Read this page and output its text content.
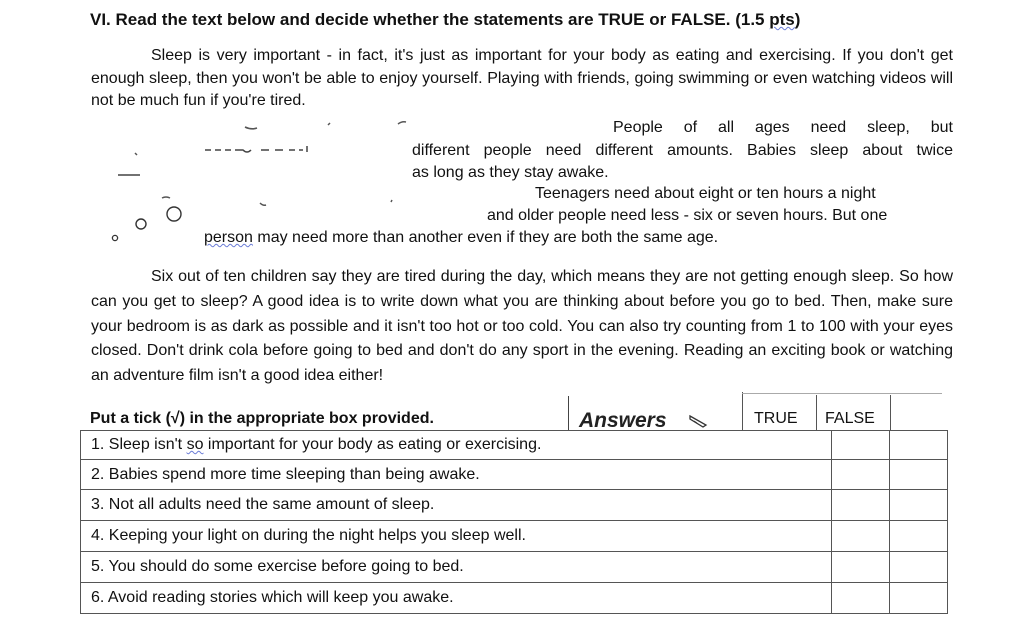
VI. Read the text below and decide whether the statements are TRUE or FALSE. (1.5 pts)
Sleep is very important - in fact, it's just as important for your body as eating and exercising. If you don't get enough sleep, then you won't be able to enjoy yourself. Playing with friends, going swimming or even watching videos will not be much fun if you're tired.
People of all ages need sleep, but
different people need different amounts. Babies sleep about twice
as long as they stay awake.
Teenagers need about eight or ten hours a night
and older people need less - six or seven hours. But one
person may need more than another even if they are both the same age.
Six out of ten children say they are tired during the day, which means they are not getting enough sleep. So how can you get to sleep? A good idea is to write down what you are thinking about before you go to bed. Then, make sure your bedroom is as dark as possible and it isn't too hot or too cold. You can also try counting from 1 to 100 with your eyes closed. Don't drink cola before going to bed and don't do any sport in the evening. Reading an exciting book or watching an adventure film isn't a good idea either!
Put a tick (√) in the appropriate box provided.	Answers	TRUE FALSE
1. Sleep isn't so important for your body as eating or exercising.		
2. Babies spend more time sleeping than being awake.		
3. Not all adults need the same amount of sleep.		
4. Keeping your light on during the night helps you sleep well.		
5. You should do some exercise before going to bed.		
6. Avoid reading stories which will keep you awake.		
